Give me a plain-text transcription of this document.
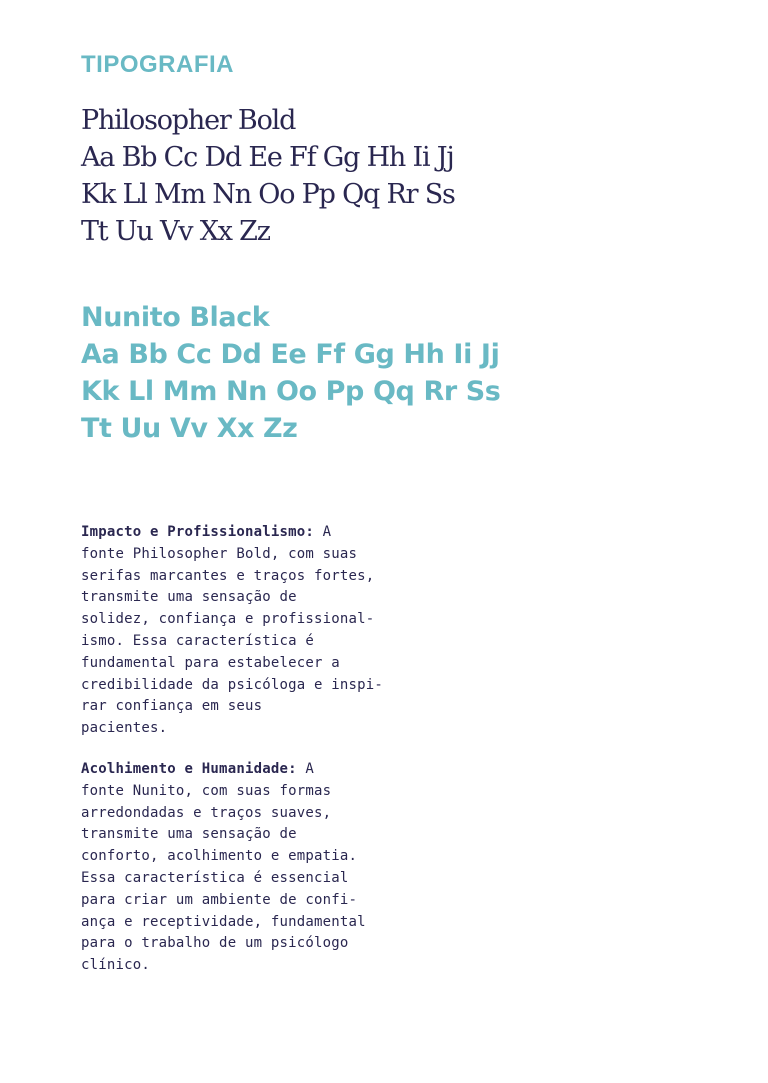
TIPOGRAFIA
Philosopher Bold
Aa Bb Cc Dd Ee Ff Gg Hh Ii Jj
Kk Ll Mm Nn Oo Pp Qq Rr Ss
Tt Uu Vv Xx Zz
Nunito Black
Aa Bb Cc Dd Ee Ff Gg Hh Ii Jj
Kk Ll Mm Nn Oo Pp Qq Rr Ss
Tt Uu Vv Xx Zz
Impacto e Profissionalismo: A
fonte Philosopher Bold, com suas
serifas marcantes e traços fortes,
transmite uma sensação de
solidez, confiança e profissional-
ismo. Essa característica é
fundamental para estabelecer a
credibilidade da psicóloga e inspi-
rar confiança em seus
pacientes.
Acolhimento e Humanidade: A
fonte Nunito, com suas formas
arredondadas e traços suaves,
transmite uma sensação de
conforto, acolhimento e empatia.
Essa característica é essencial
para criar um ambiente de confi-
ança e receptividade, fundamental
para o trabalho de um psicólogo
clínico.
